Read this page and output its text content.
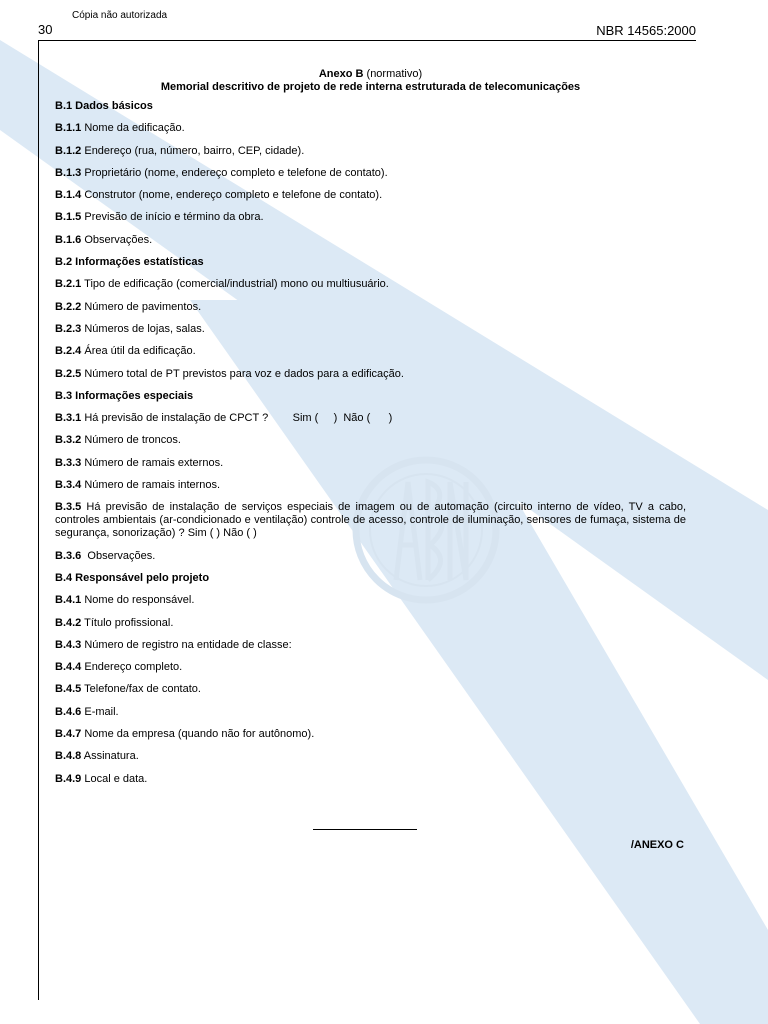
Cópia não autorizada
30	NBR 14565:2000
Anexo B (normativo)
Memorial descritivo de projeto de rede interna estruturada de telecomunicações
B.1 Dados básicos
B.1.1 Nome da edificação.
B.1.2 Endereço (rua, número, bairro, CEP, cidade).
B.1.3 Proprietário (nome, endereço completo e telefone de contato).
B.1.4 Construtor (nome, endereço completo e telefone de contato).
B.1.5 Previsão de início e término da obra.
B.1.6 Observações.
B.2 Informações estatísticas
B.2.1 Tipo de edificação (comercial/industrial) mono ou multiusuário.
B.2.2 Número de pavimentos.
B.2.3 Números de lojas, salas.
B.2.4 Área útil da edificação.
B.2.5 Número total de PT previstos para voz e dados para a edificação.
B.3 Informações especiais
B.3.1 Há previsão de instalação de CPCT ?        Sim (     )  Não (      )
B.3.2 Número de troncos.
B.3.3 Número de ramais externos.
B.3.4 Número de ramais internos.
B.3.5 Há previsão de instalação de serviços especiais de imagem ou de automação (circuito interno de vídeo, TV a cabo, controles ambientais (ar-condicionado e ventilação) controle de acesso, controle de iluminação, sensores de fumaça, sistema de segurança, sonorização) ? Sim ( ) Não ( )
B.3.6  Observações.
B.4 Responsável pelo projeto
B.4.1 Nome do responsável.
B.4.2 Título profissional.
B.4.3 Número de registro na entidade de classe:
B.4.4 Endereço completo.
B.4.5 Telefone/fax de contato.
B.4.6 E-mail.
B.4.7 Nome da empresa (quando não for autônomo).
B.4.8 Assinatura.
B.4.9 Local e data.
/ANEXO C
